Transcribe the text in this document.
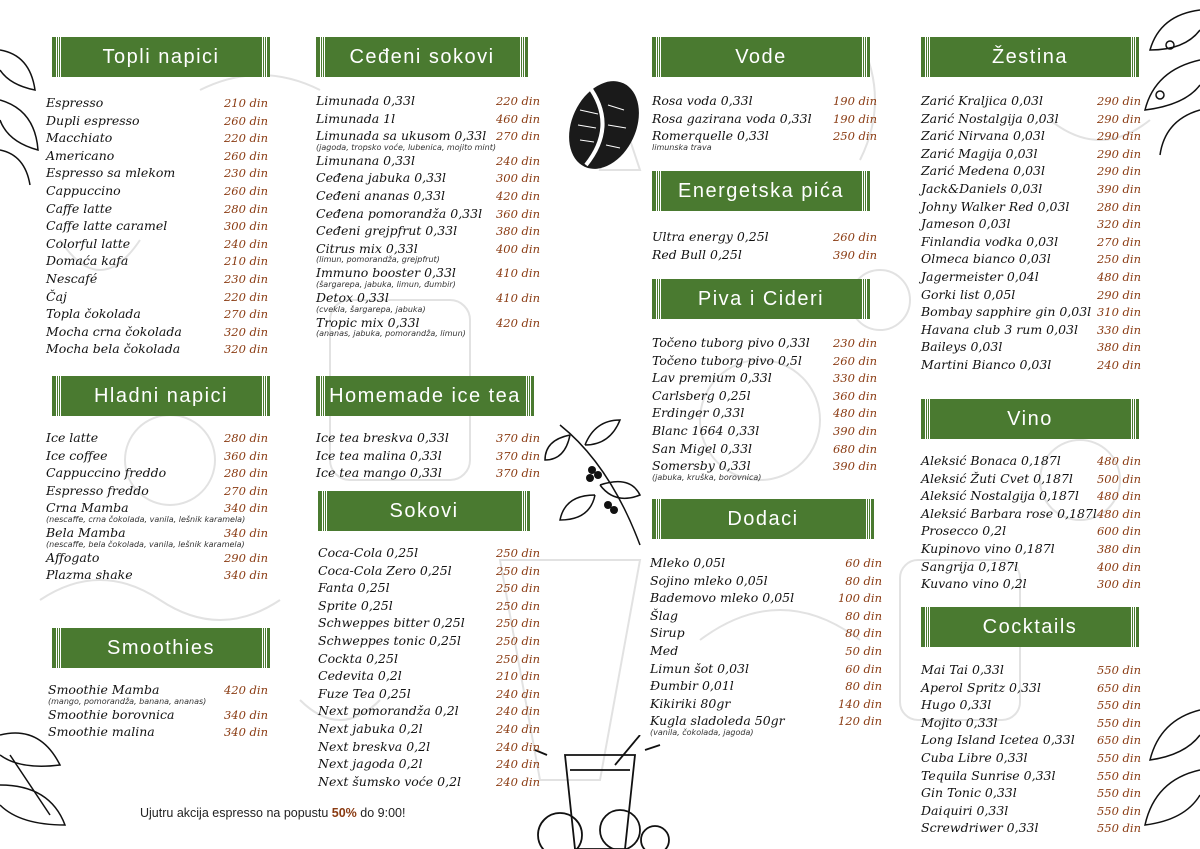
Topli napici
Espresso	210 din
Dupli espresso	260 din
Macchiato	220 din
Americano	260 din
Espresso sa mlekom	230 din
Cappuccino	260 din
Caffe latte	280 din
Caffe latte caramel	300 din
Colorful latte	240 din
Domaća kafa	210 din
Nescafé	230 din
Čaj	220 din
Topla čokolada	270 din
Mocha crna čokolada	320 din
Mocha bela čokolada	320 din
Hladni napici
Ice latte	280 din
Ice coffee	360 din
Cappuccino freddo	280 din
Espresso freddo	270 din
Crna Mamba	340 din
(nescaffe, crna čokolada, vanila, lešnik karamela)
Bela Mamba	340 din
(nescaffe, bela čokolada, vanila, lešnik karamela)
Affogato	290 din
Plazma shake	340 din
Smoothies
Smoothie Mamba	420 din
(mango, pomorandža, banana, ananas)
Smoothie borovnica	340 din
Smoothie malina	340 din
Ceđeni sokovi
Limunada 0,33l	220 din
Limunada 1l	460 din
Limunada sa ukusom 0,33l 270 din
(jagoda, tropsko voće, lubenica, mojito mint)
Limunana 0,33l	240 din
Ceđena jabuka 0,33l	300 din
Ceđeni ananas 0,33l	420 din
Ceđena pomorandža 0,33l 360 din
Ceđeni grejpfrut 0,33l	380 din
Citrus mix 0,33l	400 din
(limun, pomorandža, grejpfrut)
Immuno booster 0,33l	410 din
(šargarepa, jabuka, limun, đumbir)
Detox 0,33l	410 din
(cvekla, šargarepa, jabuka)
Tropic mix 0,33l	420 din
(ananas, jabuka, pomorandža, limun)
Homemade ice tea
Ice tea breskva 0,33l	370 din
Ice tea malina 0,33l	370 din
Ice tea mango 0,33l	370 din
Sokovi
Coca-Cola 0,25l	250 din
Coca-Cola Zero 0,25l	250 din
Fanta 0,25l	250 din
Sprite 0,25l	250 din
Schweppes bitter 0,25l	250 din
Schweppes tonic 0,25l	250 din
Cockta 0,25l	250 din
Cedevita 0,2l	210 din
Fuze Tea 0,25l	240 din
Next pomorandža 0,2l	240 din
Next jabuka 0,2l	240 din
Next breskva 0,2l	240 din
Next jagoda 0,2l	240 din
Next šumsko voće 0,2l	240 din
Vode
Rosa voda 0,33l	190 din
Rosa gazirana voda 0,33l 190 din
Romerquelle 0,33l	250 din
limunska trava
Energetska pića
Ultra energy 0,25l	260 din
Red Bull 0,25l	390 din
Piva i Cideri
Točeno tuborg pivo 0,33l 230 din
Točeno tuborg pivo 0,5l	260 din
Lav premium 0,33l	330 din
Carlsberg 0,25l	360 din
Erdinger 0,33l	480 din
Blanc 1664 0,33l	390 din
San Migel 0,33l	680 din
Somersby 0,33l	390 din
(jabuka, kruška, borovnica)
Dodaci
Mleko 0,05l	60 din
Sojino mleko 0,05l	80 din
Bademovo mleko 0,05l	100 din
Šlag	80 din
Sirup	80 din
Med	50 din
Limun šot 0,03l	60 din
Đumbir 0,01l	80 din
Kikiriki 80gr	140 din
Kugla sladoleda 50gr	120 din
(vanila, čokolada, jagoda)
Žestina
Zarić Kraljica 0,03l	290 din
Zarić Nostalgija 0,03l	290 din
Zarić Nirvana 0,03l	290 din
Zarić Magija 0,03l	290 din
Zarić Medena 0,03l	290 din
Jack&Daniels 0,03l	390 din
Johny Walker Red 0,03l 280 din
Jameson 0,03l	320 din
Finlandia vodka 0,03l	270 din
Olmeca bianco 0,03l	250 din
Jagermeister 0,04l	480 din
Gorki list 0,05l	290 din
Bombay sapphire gin 0,03l 310 din
Havana club 3 rum 0,03l 330 din
Baileys 0,03l	380 din
Martini Bianco 0,03l	240 din
Vino
Aleksić Bonaca 0,187l	480 din
Aleksić Žuti Cvet 0,187l 500 din
Aleksić Nostalgija 0,187l 480 din
Aleksić Barbara rose 0,187l 480 din
Prosecco 0,2l	600 din
Kupinovo vino 0,187l	380 din
Sangrija 0,187l	400 din
Kuvano vino 0,2l	300 din
Cocktails
Mai Tai 0,33l	550 din
Aperol Spritz 0,33l	650 din
Hugo 0,33l	550 din
Mojito 0,33l	550 din
Long Island Icetea 0,33l 650 din
Cuba Libre 0,33l	550 din
Tequila Sunrise 0,33l	550 din
Gin Tonic 0,33l	550 din
Daiquiri 0,33l	550 din
Screwdriwer 0,33l	550 din
Ujutru akcija espresso na popustu 50% do 9:00!
